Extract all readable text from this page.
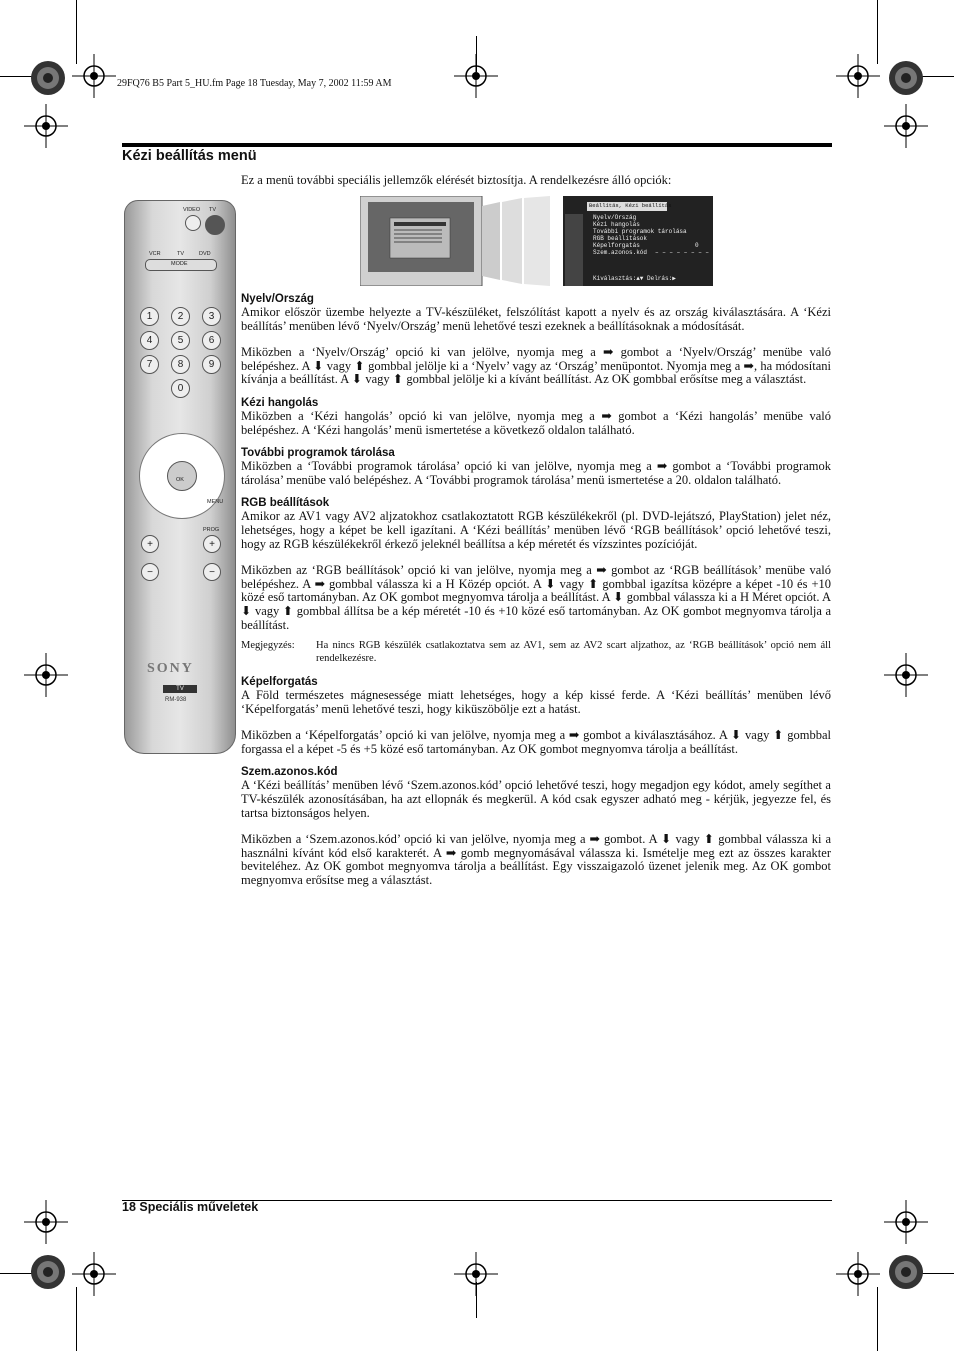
29FQ76 B5 Part 5_HU.fm Page 18 Tuesday, May 7, 2002 11:59 AM
Kézi beállítás menü
Ez a menü további speciális jellemzők elérését biztosítja. A rendelkezésre álló opciók:
Beállítás, Kézi beállítás
Nyelv/Ország
Kézi hangolás
További programok tárolása
RGB beállítások
Képelforgatás
Szem.azonos.kód
0
– – – – – – – –
Kiválasztás:▲▼ Delrás:▶
VIDEO TV
VCR	TV	DVD
MODE
1	2	3
4	5	6
7	8	9
0
OK
MENU
PROG
+	+
−	−
SONY
TV
RM-938
Nyelv/Ország

Amikor először üzembe helyezte a TV-készüléket, felszólítást kapott a nyelv és az ország kiválasztására. A ‘Kézi beállítás’ menüben lévő ‘Nyelv/Ország’ menü lehetővé teszi ezeknek a beállításoknak a módosítását.

Miközben a ‘Nyelv/Ország’ opció ki van jelölve, nyomja meg a ➡ gombot a ‘Nyelv/Ország’ menübe való belépéshez. A ⬇ vagy ⬆ gombbal jelölje ki a ‘Nyelv’ vagy az ‘Ország’ menüpontot. Nyomja meg a ➡, ha módosítani kívánja a beállítást. A ⬇ vagy ⬆ gombbal jelölje ki a kívánt beállítást. Az OK gombbal erősítse meg a választást.

Kézi hangolás

Miközben a ‘Kézi hangolás’ opció ki van jelölve, nyomja meg a ➡ gombot a ‘Kézi hangolás’ menübe való belépéshez. A ‘Kézi hangolás’ menü ismertetése a következő oldalon található.

További programok tárolása

Miközben a ‘További programok tárolása’ opció ki van jelölve, nyomja meg a ➡ gombot a ‘További programok tárolása’ menübe való belépéshez. A ‘További programok tárolása’ menü ismertetése a 20. oldalon található.

RGB beállítások

Amikor az AV1 vagy AV2 aljzatokhoz csatlakoztatott RGB készülékekről (pl. DVD-lejátszó, PlayStation) jelet néz, lehetséges, hogy a képet be kell igazítani. A ‘Kézi beállítás’ menüben lévő ‘RGB beállítások’ opció lehetővé teszi, hogy az RGB készülékekről érkező jeleknél beállítsa a kép méretét és vízszintes pozícióját.

Miközben az ‘RGB beállítások’ opció ki van jelölve, nyomja meg a ➡ gombot az ‘RGB beállítások’ menübe való belépéshez. A ➡ gombbal válassza ki a H Közép opciót. A ⬇ vagy ⬆ gombbal igazítsa középre a képet -10 és +10 közé eső tartományban. Az OK gombot megnyomva tárolja a beállítást. A ⬇ gombbal válassza ki a H Méret opciót. A ⬇ vagy ⬆ gombbal állítsa be a kép méretét -10 és +10 közé eső tartományban. Az OK gombot megnyomva tárolja a beállítást.

Megjegyzés:	Ha nincs RGB készülék csatlakoztatva sem az AV1, sem az AV2 scart aljzathoz, az ‘RGB beállítások’ opció nem áll rendelkezésre.
Képelforgatás

A Föld természetes mágnesessége miatt lehetséges, hogy a kép kissé ferde. A ‘Kézi beállítás’ menüben lévő ‘Képelforgatás’ menü lehetővé teszi, hogy kiküszöbölje ezt a hatást.

Miközben a ‘Képelforgatás’ opció ki van jelölve, nyomja meg a ➡ gombot a kiválasztásához. A ⬇ vagy ⬆ gombbal forgassa el a képet -5 és +5 közé eső tartományban. Az OK gombot megnyomva tárolja a beállítást.

Szem.azonos.kód

A ‘Kézi beállítás’ menüben lévő ‘Szem.azonos.kód’ opció lehetővé teszi, hogy megadjon egy kódot, amely segíthet a TV-készülék azonosításában, ha azt ellopnák és megkerül. A kód csak egyszer adható meg - kérjük, jegyezze fel, és tartsa biztonságos helyen.

Miközben a ‘Szem.azonos.kód’ opció ki van jelölve, nyomja meg a ➡ gombot. A ⬇ vagy ⬆ gombbal válassza ki a használni kívánt kód első karakterét. A ➡ gomb megnyomásával válassza ki. Ismételje meg ezt az összes karakter beviteléhez. Az OK gombot megnyomva tárolja a beállítást. Egy visszaigazoló üzenet jelenik meg. Az OK gombot megnyomva erősítse meg a választást.

18 Speciális műveletek
